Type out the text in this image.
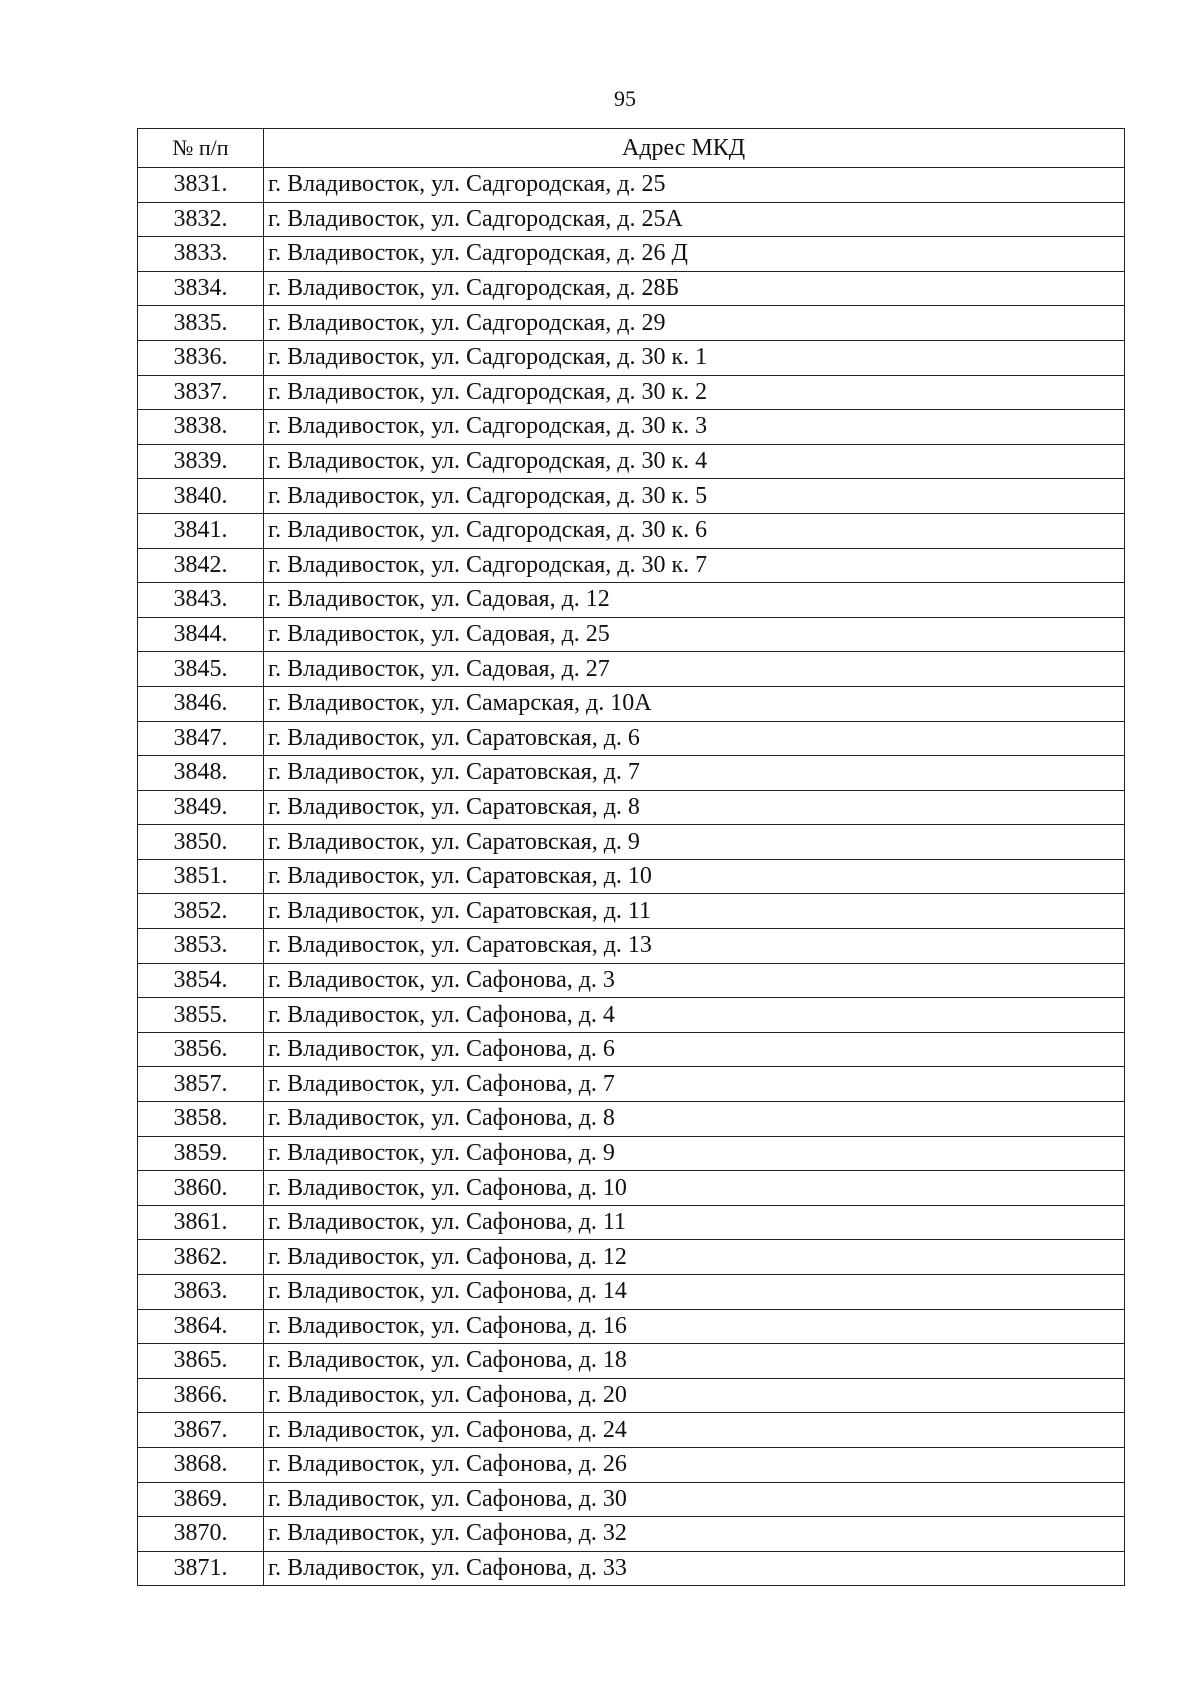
95
№ п/п	Адрес МКД
3831.	г. Владивосток, ул. Садгородская, д. 25
3832.	г. Владивосток, ул. Садгородская, д. 25А
3833.	г. Владивосток, ул. Садгородская, д. 26 Д
3834.	г. Владивосток, ул. Садгородская, д. 28Б
3835.	г. Владивосток, ул. Садгородская, д. 29
3836.	г. Владивосток, ул. Садгородская, д. 30 к. 1
3837.	г. Владивосток, ул. Садгородская, д. 30 к. 2
3838.	г. Владивосток, ул. Садгородская, д. 30 к. 3
3839.	г. Владивосток, ул. Садгородская, д. 30 к. 4
3840.	г. Владивосток, ул. Садгородская, д. 30 к. 5
3841.	г. Владивосток, ул. Садгородская, д. 30 к. 6
3842.	г. Владивосток, ул. Садгородская, д. 30 к. 7
3843.	г. Владивосток, ул. Садовая, д. 12
3844.	г. Владивосток, ул. Садовая, д. 25
3845.	г. Владивосток, ул. Садовая, д. 27
3846.	г. Владивосток, ул. Самарская, д. 10А
3847.	г. Владивосток, ул. Саратовская, д. 6
3848.	г. Владивосток, ул. Саратовская, д. 7
3849.	г. Владивосток, ул. Саратовская, д. 8
3850.	г. Владивосток, ул. Саратовская, д. 9
3851.	г. Владивосток, ул. Саратовская, д. 10
3852.	г. Владивосток, ул. Саратовская, д. 11
3853.	г. Владивосток, ул. Саратовская, д. 13
3854.	г. Владивосток, ул. Сафонова, д. 3
3855.	г. Владивосток, ул. Сафонова, д. 4
3856.	г. Владивосток, ул. Сафонова, д. 6
3857.	г. Владивосток, ул. Сафонова, д. 7
3858.	г. Владивосток, ул. Сафонова, д. 8
3859.	г. Владивосток, ул. Сафонова, д. 9
3860.	г. Владивосток, ул. Сафонова, д. 10
3861.	г. Владивосток, ул. Сафонова, д. 11
3862.	г. Владивосток, ул. Сафонова, д. 12
3863.	г. Владивосток, ул. Сафонова, д. 14
3864.	г. Владивосток, ул. Сафонова, д. 16
3865.	г. Владивосток, ул. Сафонова, д. 18
3866.	г. Владивосток, ул. Сафонова, д. 20
3867.	г. Владивосток, ул. Сафонова, д. 24
3868.	г. Владивосток, ул. Сафонова, д. 26
3869.	г. Владивосток, ул. Сафонова, д. 30
3870.	г. Владивосток, ул. Сафонова, д. 32
3871.	г. Владивосток, ул. Сафонова, д. 33
